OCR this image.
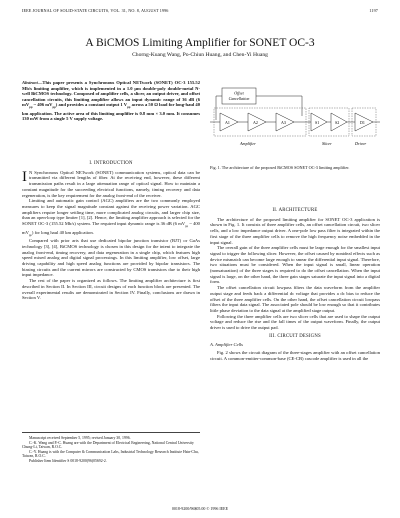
IEEE JOURNAL OF SOLID-STATE CIRCUITS, VOL. 31, NO. 8, AUGUST 1996	1197
A BiCMOS Limiting Amplifier for SONET OC-3
Chorng-Kuang Wang, Po-Chiun Huang, and Chen-Yi Huang
Abstract—This paper presents a Synchronous Optical NETwork (SONET) OC-3 155.52 Mb/s limiting amplifier, which is implemented in a 1.0 μm double-poly double-metal N-well BiCMOS technology. Composed of amplifier cells, a slicer, an output driver, and offset cancellation circuits, this limiting amplifier allows an input dynamic range of 36 dB (6 $mV_{pp}$ ~ 406 $mV_{pp}$) and provides a constant output 1 $V_{pp}$ across a 50 Ω load for long-haul 40 km application. The active area of this limiting amplifier is 0.8 mm × 3.0 mm. It consumes 130 mW from a single 5 V supply voltage.
I. INTRODUCTION

I N Synchronous Optical NETwork (SONET) communication systems, optical data can be transmitted via different lengths of fiber. At the receiving end, however, these different transmission paths result in a large attenuation range of optical signal. How to maintain a constant magnitude for the succeeding electrical functions, namely, timing recovery and data regeneration, is the key requirement for the analog front-end of the receiver.

Limiting and automatic gain control (AGC) amplifiers are the two commonly employed measures to keep the signal magnitude constant against the receiving power variation. AGC amplifiers require longer settling time, more complicated analog circuits, and larger chip size, than an open-loop type limiter [1], [2]. Hence, the limiting amplifier approach is selected for the SONET OC-3 (155.52 Mb/s) system. The required input dynamic range is 36 dB (6 $mV_{pp}$ ~ 400 $mV_{pp}$) for long haul 40 km application.

Compared with prior arts that use dedicated bipolar junction transistor (BJT) or GaAs technology [3], [4], BiCMOS technology is chosen in this design for the intent to integrate the analog front-end, timing recovery, and data regeneration in a single chip, which features high speed mixed analog and digital signal processings. In this limiting amplifier, low offset, large driving capability and high speed analog functions are provided by bipolar transistors. The biasing circuits and the current mirrors are constructed by CMOS transistors due to their high input impedance.

The rest of the paper is organized as follows. The limiting amplifier architecture is first described in Section II. In Section III, circuit designs of each function block are presented. The overall experimental results are demonstrated in Section IV. Finally, conclusions are drawn in Section V.

Offset
Cancellation
A1	A2	A3	S1	S2	D1
Amplifier	Slicer	Driver
Fig. 1. The architecture of the proposed BiCMOS SONET OC-3 limiting amplifier.
II. ARCHITECTURE

The architecture of the proposed limiting amplifier for SONET OC-3 application is shown in Fig. 1. It consists of three amplifier cells, an offset cancellation circuit, two slicer cells, and a low impedance output driver. A one-pole low pass filter is integrated within the first stage of the three amplifier cells to remove the high frequency noise embedded in the input signal.

The overall gain of the three amplifier cells must be large enough for the smallest input signal to trigger the following slicer. However, the offset caused by nonideal effects such as device mismatch can become large enough to smear the differential input signal. Therefore, two situations must be considered. When the input signal is small, linear operation (nonsaturation) of the three stages is required to do the offset cancellation. When the input signal is large, on the other hand, the three gain stages saturate the input signal into a digital form.

The offset cancellation circuit lowpass filters the data waveform from the amplifier output stage and feeds back a differential dc voltage that provides a dc bias to reduce the offset of the three amplifier cells. On the other hand, the offset cancellation circuit lowpass filters the input data signal. The associated pole should be low enough so that it contributes little phase deviation to the data signal at the amplified stage output.

Following the three amplifier cells are two slicer cells that are used to shape the output voltage and reduce the rise and the fall times of the output waveform. Finally, the output driver is used to drive the output pad.

III. CIRCUIT DESIGNS
A. Amplifier Cells

Fig. 2 shows the circuit diagram of the three-stages amplifier with an offset cancellation circuit. A common-emitter-common-base (CE-CB) cascode amplifier is used in all the

Manuscript received September 5, 1995; revised January 30, 1996.

C.-K. Wang and P.-C. Huang are with the Department of Electrical Engineering, National Central University Chung-Li, Taiwan, R.O.C.

C.-Y. Huang is with the Computer & Communication Labs, Industrial Technology Research Institute Hsin-Chu, Taiwan, R.O.C.

Publisher Item Identifier S 0018-9200(96)05692-2.

0018-9200/96$05.00 © 1996 IEEE
